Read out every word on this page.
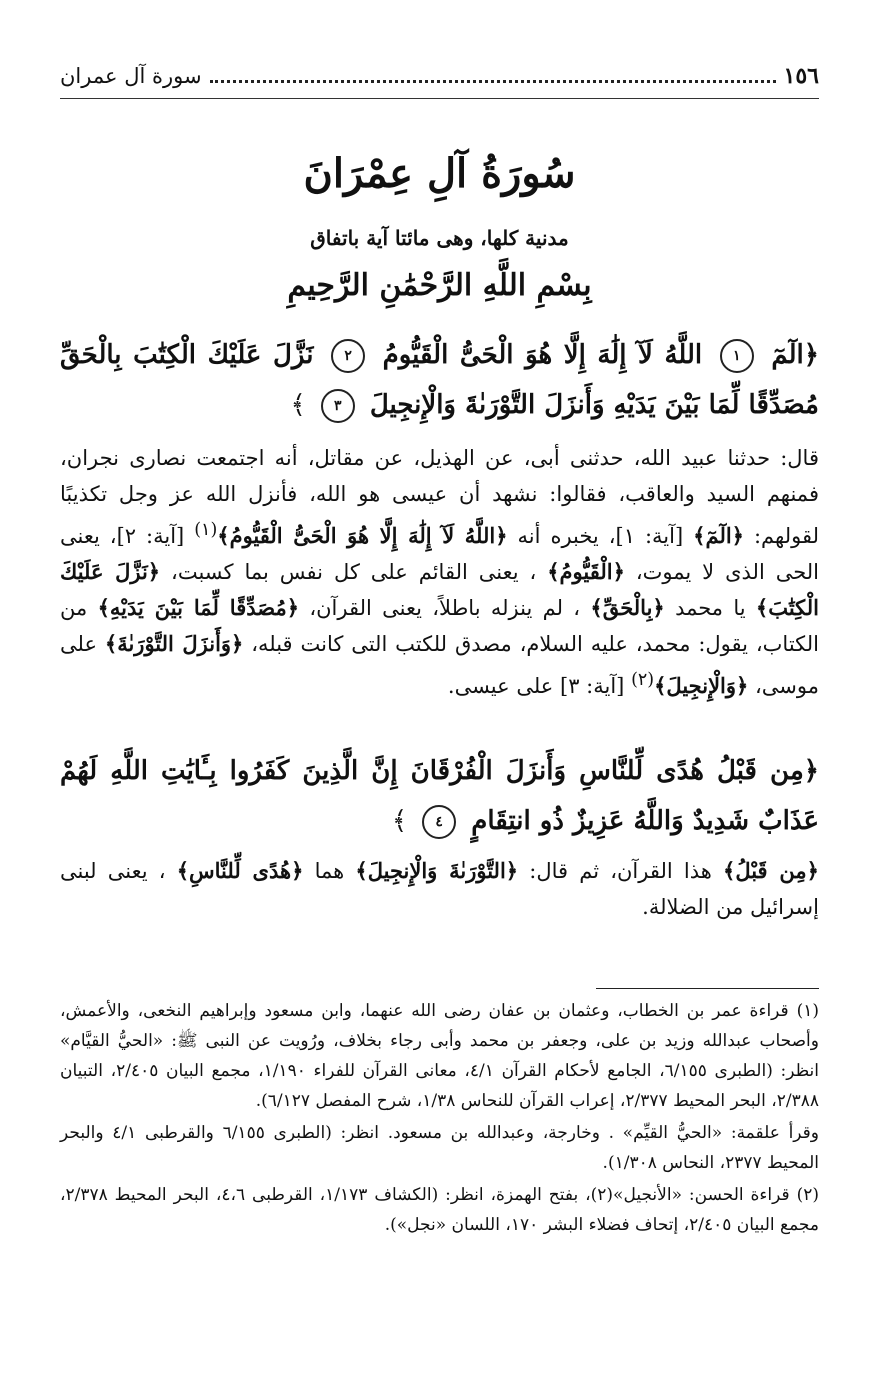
١٥٦
سورة آل عمران
سُورَةُ آلِ عِمْرَانَ
مدنية كلها، وهى مائتا آية باتفاق
بِسْمِ اللَّهِ الرَّحْمَٰنِ الرَّحِيمِ
﴿الٓمٓ ١ اللَّهُ لَآ إِلَٰهَ إِلَّا هُوَ الْحَىُّ الْقَيُّومُ ٢ نَزَّلَ عَلَيْكَ الْكِتَٰبَ بِالْحَقِّ مُصَدِّقًا لِّمَا بَيْنَ يَدَيْهِ وَأَنزَلَ التَّوْرَىٰةَ وَالْإِنجِيلَ ٣ ﴾
قال: حدثنا عبيد الله، حدثنى أبى، عن الهذيل، عن مقاتل، أنه اجتمعت نصارى نجران، فمنهم السيد والعاقب، فقالوا: نشهد أن عيسى هو الله، فأنزل الله عز وجل تكذيبًا لقولهم: ﴿الٓمٓ﴾ [آية: ١]، يخبره أنه ﴿اللَّهُ لَآ إِلَٰهَ إِلَّا هُوَ الْحَىُّ الْقَيُّومُ﴾$^{(١)}$ [آية: ٢]، يعنى الحى الذى لا يموت، ﴿الْقَيُّومُ﴾ ، يعنى القائم على كل نفس بما كسبت، ﴿نَزَّلَ عَلَيْكَ الْكِتَٰبَ﴾ يا محمد ﴿بِالْحَقِّ﴾ ، لم ينزله باطلاً، يعنى القرآن، ﴿مُصَدِّقًا لِّمَا بَيْنَ يَدَيْهِ﴾ من الكتاب، يقول: محمد، عليه السلام، مصدق للكتب التى كانت قبله، ﴿وَأَنزَلَ التَّوْرَىٰةَ﴾ على موسى، ﴿وَالْإِنجِيلَ﴾$^{(٢)}$ [آية: ٣] على عيسى.
﴿مِن قَبْلُ هُدًى لِّلنَّاسِ وَأَنزَلَ الْفُرْقَانَ إِنَّ الَّذِينَ كَفَرُوا بِـَٔايَٰتِ اللَّهِ لَهُمْ عَذَابٌ شَدِيدٌ وَاللَّهُ عَزِيزٌ ذُو انتِقَامٍ ٤ ﴾
﴿مِن قَبْلُ﴾ هذا القرآن، ثم قال: ﴿التَّوْرَىٰةَ وَالْإِنجِيلَ﴾ هما ﴿هُدًى لِّلنَّاسِ﴾ ، يعنى لبنى إسرائيل من الضلالة.

(١) قراءة عمر بن الخطاب، وعثمان بن عفان رضى الله عنهما، وابن مسعود وإبراهيم النخعى، والأعمش، وأصحاب عبدالله وزيد بن على، وجعفر بن محمد وأبى رجاء بخلاف، ورُويت عن النبى ﷺ: «الحيُّ القيَّام» انظر: (الطبرى ٦/١٥٥، الجامع لأحكام القرآن ٤/١، معانى القرآن للفراء ١/١٩٠، مجمع البيان ٢/٤٠٥، التبيان ٢/٣٨٨، البحر المحيط ٢/٣٧٧، إعراب القرآن للنحاس ١/٣٨، شرح المفصل ٦/١٢٧).

وقرأ علقمة: «الحيُّ القيِّم» . وخارجة، وعبدالله بن مسعود. انظر: (الطبرى ٦/١٥٥ والقرطبى ٤/١ والبحر المحيط ٢٣٧٧، النحاس ١/٣٠٨).

(٢) قراءة الحسن: «الأنجيل»(٢)، بفتح الهمزة، انظر: (الكشاف ١/١٧٣، القرطبى ٤،٦، البحر المحيط ٢/٣٧٨، مجمع البيان ٢/٤٠٥، إتحاف فضلاء البشر ١٧٠، اللسان «نجل»).
